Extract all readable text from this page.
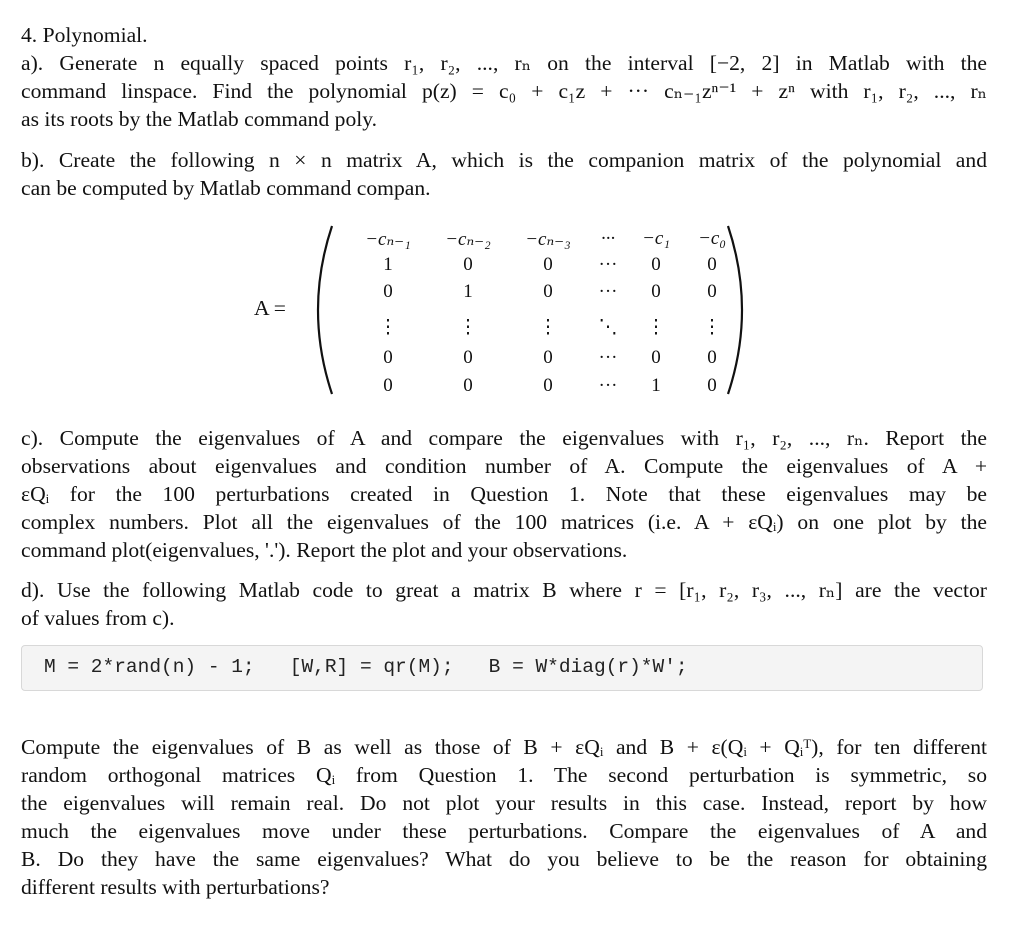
4. Polynomial.
a). Generate n equally spaced points r₁, r₂, ..., rₙ on the interval [−2, 2] in Matlab with the
command linspace. Find the polynomial p(z) = c₀ + c₁z + ··· cₙ₋₁zⁿ⁻¹ + zⁿ with r₁, r₂, ..., rₙ
as its roots by the Matlab command poly.
b). Create the following n × n matrix A, which is the companion matrix of the polynomial and
can be computed by Matlab command compan.
A =
−cₙ₋₁	−cₙ₋₂	−cₙ₋₃	···	−c₁	−c₀
1	0	0	···	0	0
0	1	0	···	0	0
⋮	⋮	⋮	⋱	⋮	⋮
0	0	0	···	0	0
0	0	0	···	1	0
c). Compute the eigenvalues of A and compare the eigenvalues with r₁, r₂, ..., rₙ. Report the
observations about eigenvalues and condition number of A. Compute the eigenvalues of A +
εQᵢ for the 100 perturbations created in Question 1. Note that these eigenvalues may be
complex numbers. Plot all the eigenvalues of the 100 matrices (i.e. A + εQᵢ) on one plot by the
command plot(eigenvalues, '.'). Report the plot and your observations.
d). Use the following Matlab code to great a matrix B where r = [r₁, r₂, r₃, ..., rₙ] are the vector
of values from c).
M = 2*rand(n) - 1;   [W,R] = qr(M);   B = W*diag(r)*W';
Compute the eigenvalues of B as well as those of B + εQᵢ and B + ε(Qᵢ + Qᵢᵀ), for ten different
random orthogonal matrices Qᵢ from Question 1. The second perturbation is symmetric, so
the eigenvalues will remain real. Do not plot your results in this case. Instead, report by how
much the eigenvalues move under these perturbations. Compare the eigenvalues of A and
B. Do they have the same eigenvalues? What do you believe to be the reason for obtaining
different results with perturbations?
